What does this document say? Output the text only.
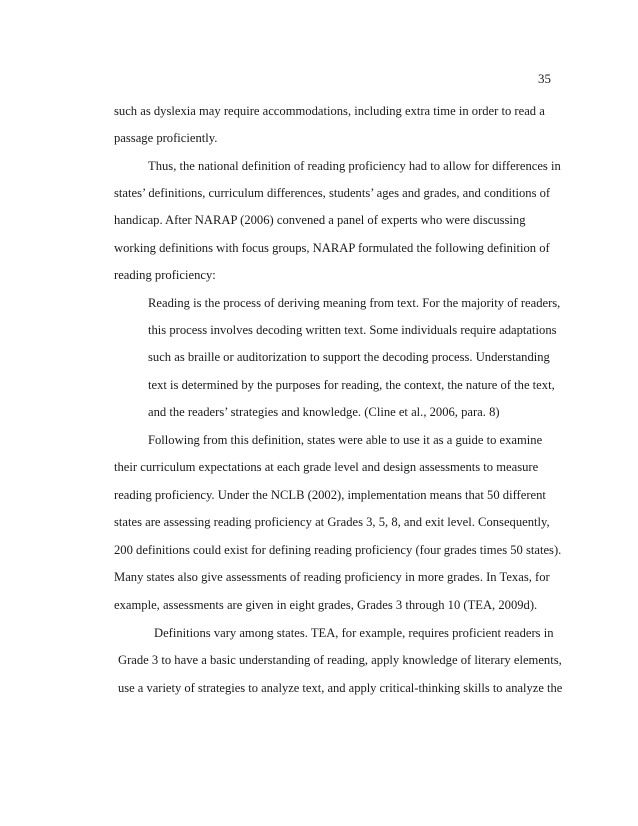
35
such as dyslexia may require accommodations, including extra time in order to read a
passage proficiently.
Thus, the national definition of reading proficiency had to allow for differences in
states’ definitions, curriculum differences, students’ ages and grades, and conditions of
handicap. After NARAP (2006) convened a panel of experts who were discussing
working definitions with focus groups, NARAP formulated the following definition of
reading proficiency:
Reading is the process of deriving meaning from text. For the majority of readers,
this process involves decoding written text. Some individuals require adaptations
such as braille or auditorization to support the decoding process. Understanding
text is determined by the purposes for reading, the context, the nature of the text,
and the readers’ strategies and knowledge. (Cline et al., 2006, para. 8)
Following from this definition, states were able to use it as a guide to examine
their curriculum expectations at each grade level and design assessments to measure
reading proficiency. Under the NCLB (2002), implementation means that 50 different
states are assessing reading proficiency at Grades 3, 5, 8, and exit level. Consequently,
200 definitions could exist for defining reading proficiency (four grades times 50 states).
Many states also give assessments of reading proficiency in more grades. In Texas, for
example, assessments are given in eight grades, Grades 3 through 10 (TEA, 2009d).
Definitions vary among states. TEA, for example, requires proficient readers in
Grade 3 to have a basic understanding of reading, apply knowledge of literary elements,
use a variety of strategies to analyze text, and apply critical-thinking skills to analyze the
